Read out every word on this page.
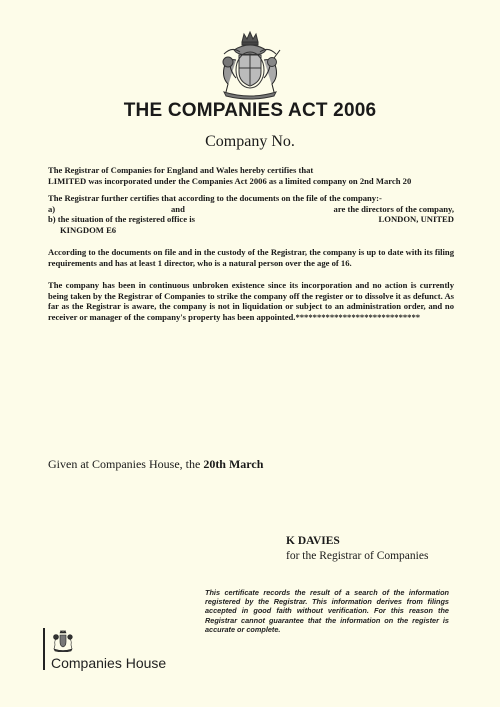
THE COMPANIES ACT 2006
Company No.
The Registrar of Companies for England and Wales hereby certifies that
LIMITED was incorporated under the Companies Act 2006 as a limited company on 2nd March 20
The Registrar further certifies that according to the documents on the file of the company:-
a)	and	are the directors of the company,
b) the situation of the registered office is	LONDON, UNITED
KINGDOM E6
According to the documents on file and in the custody of the Registrar, the company is up to date with its filing requirements and has at least 1 director, who is a natural person over the age of 16.
The company has been in continuous unbroken existence since its incorporation and no action is currently being taken by the Registrar of Companies to strike the company off the register or to dissolve it as defunct. As far as the Registrar is aware, the company is not in liquidation or subject to an administration order, and no receiver or manager of the company's property has been appointed.*****************************
Given at Companies House, the 20th March
K DAVIES
for the Registrar of Companies
This certificate records the result of a search of the information registered by the Registrar. This information derives from filings accepted in good faith without verification. For this reason the Registrar cannot guarantee that the information on the register is accurate or complete.
Companies House
